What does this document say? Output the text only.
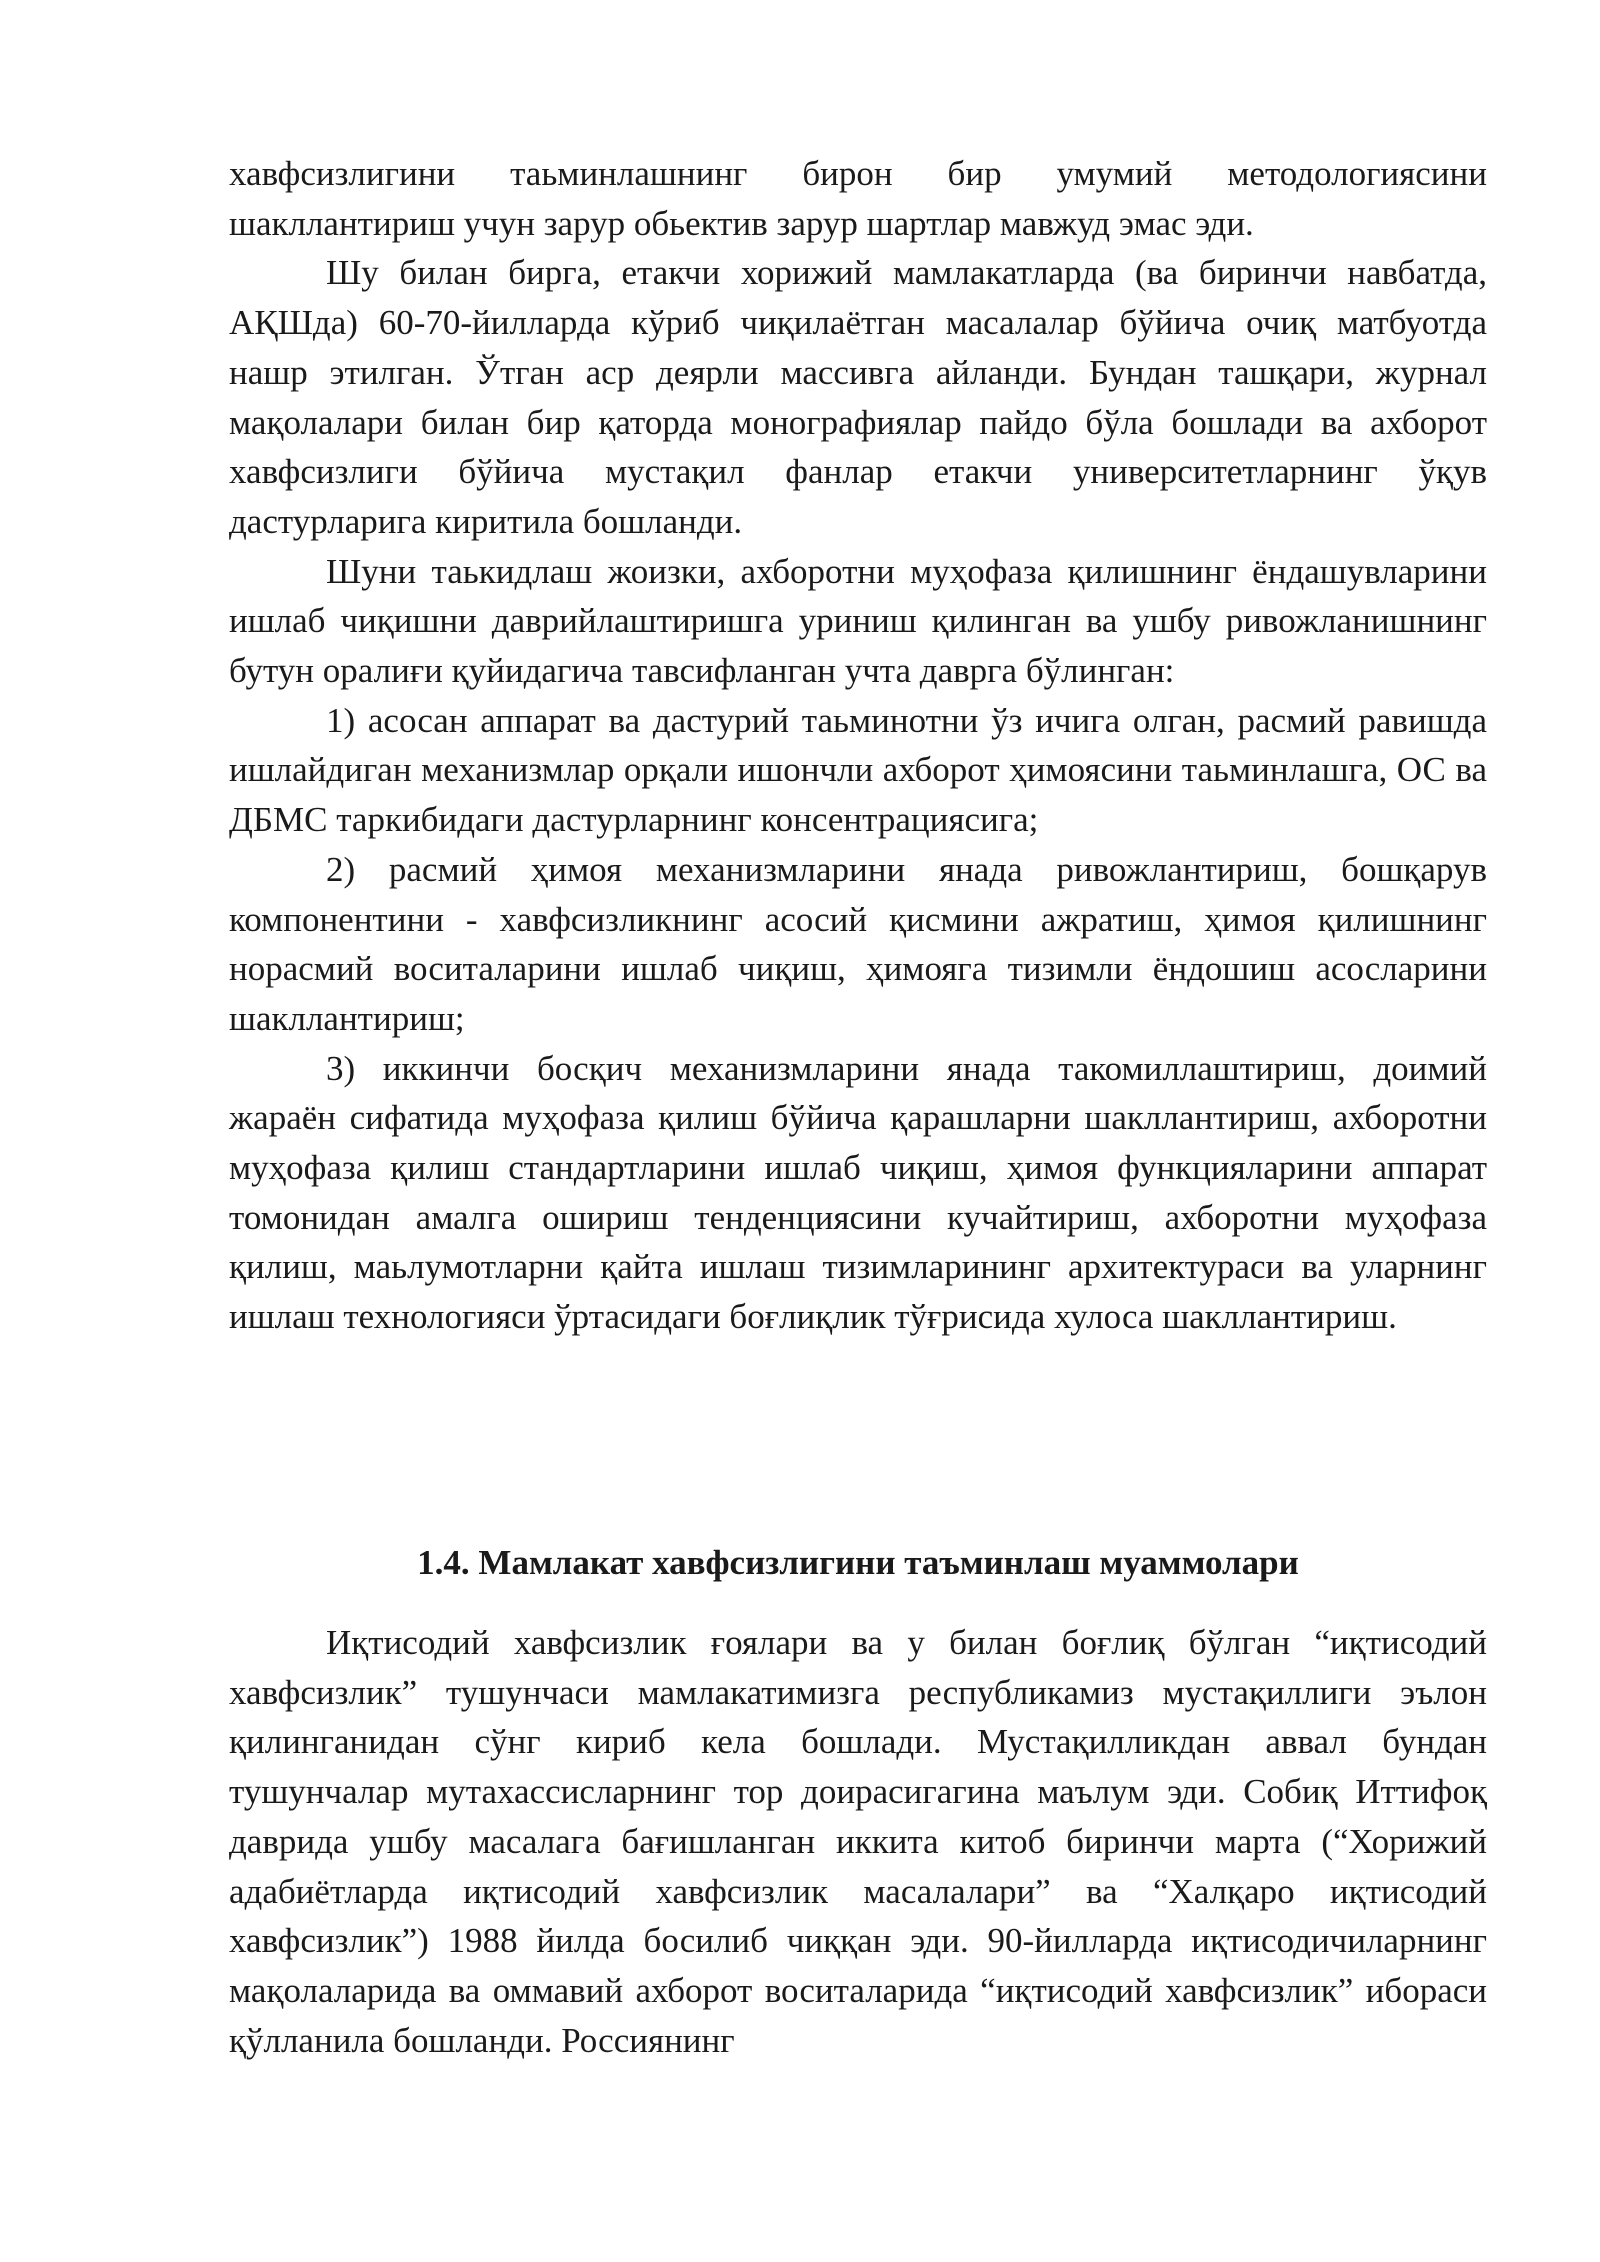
хавфсизлигини таьминлашнинг бирон бир умумий методологиясини шакллантириш учун зарур обьектив зарур шартлар мавжуд эмас эди.

Шу билан бирга, етакчи хорижий мамлакатларда (ва биринчи навбатда, АҚШда) 60-70-йилларда кўриб чиқилаётган масалалар бўйича очиқ матбуотда нашр этилган. Ўтган аср деярли массивга айланди. Бундан ташқари, журнал мақолалари билан бир қаторда монографиялар пайдо бўла бошлади ва ахборот хавфсизлиги бўйича мустақил фанлар етакчи университетларнинг ўқув дастурларига киритила бошланди.

Шуни таькидлаш жоизки, ахборотни муҳофаза қилишнинг ёндашувларини ишлаб чиқишни даврийлаштиришга уриниш қилинган ва ушбу ривожланишнинг бутун оралиғи қуйидагича тавсифланган учта даврга бўлинган:

1) асосан аппарат ва дастурий таьминотни ўз ичига олган, расмий равишда ишлайдиган механизмлар орқали ишончли ахборот ҳимоясини таьминлашга, ОС ва ДБМС таркибидаги дастурларнинг консентрациясига;

2) расмий ҳимоя механизмларини янада ривожлантириш, бошқарув компонентини - хавфсизликнинг асосий қисмини ажратиш, ҳимоя қилишнинг норасмий воситаларини ишлаб чиқиш, ҳимояга тизимли ёндошиш асосларини шакллантириш;

3) иккинчи босқич механизмларини янада такомиллаштириш, доимий жараён сифатида муҳофаза қилиш бўйича қарашларни шакллантириш, ахборотни муҳофаза қилиш стандартларини ишлаб чиқиш, ҳимоя функцияларини аппарат томонидан амалга ошириш тенденциясини кучайтириш, ахборотни муҳофаза қилиш, маьлумотларни қайта ишлаш тизимларининг архитектураси ва уларнинг ишлаш технологияси ўртасидаги боғлиқлик тўғрисида хулоса шакллантириш.

1.4. Мамлакат хавфсизлигини таъминлаш муаммолари

Иқтисодий хавфсизлик ғоялари ва у билан боғлиқ бўлган “иқтисодий хавфсизлик” тушунчаси мамлакатимизга республикамиз мустақиллиги эълон қилинганидан сўнг кириб кела бошлади. Мустақилликдан аввал бундан тушунчалар мутахассисларнинг тор доирасигагина маълум эди. Собиқ Иттифоқ даврида ушбу масалага бағишланган иккита китоб биринчи марта (“Хорижий адабиётларда иқтисодий хавфсизлик масалалари” ва “Халқаро иқтисодий хавфсизлик”) 1988 йилда босилиб чиққан эди. 90-йилларда иқтисодичиларнинг мақолаларида ва оммавий ахборот воситаларида “иқтисодий хавфсизлик” ибораси қўлланила бошланди. Россиянинг
